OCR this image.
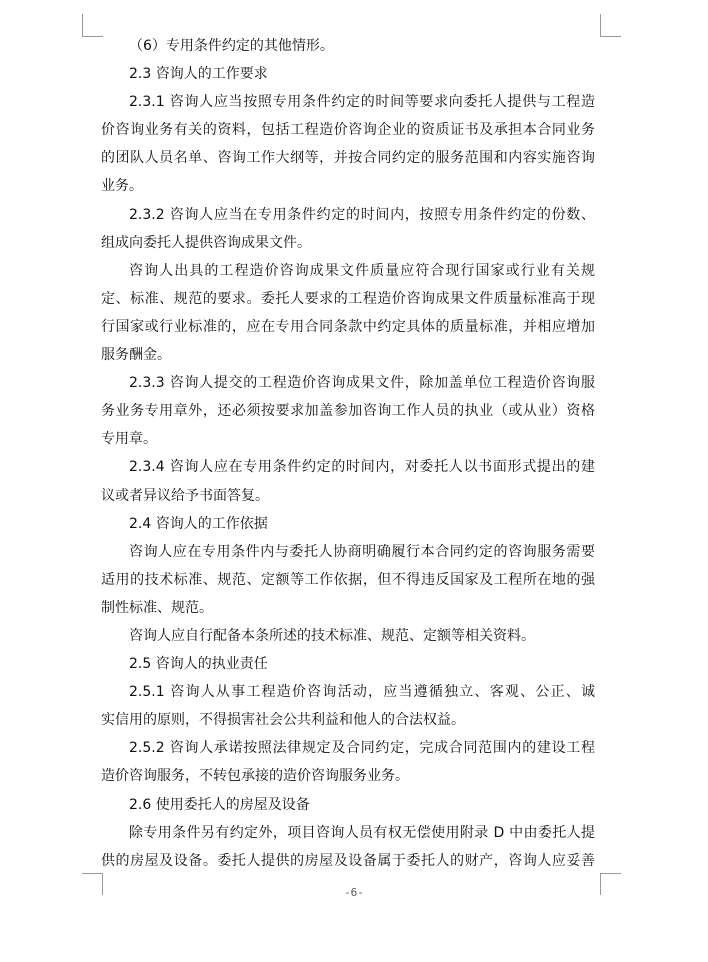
（6）专用条件约定的其他情形。
2.3 咨询人的工作要求
2.3.1 咨询人应当按照专用条件约定的时间等要求向委托人提供与工程造
价咨询业务有关的资料，包括工程造价咨询企业的资质证书及承担本合同业务
的团队人员名单、咨询工作大纲等，并按合同约定的服务范围和内容实施咨询
业务。
2.3.2 咨询人应当在专用条件约定的时间内，按照专用条件约定的份数、
组成向委托人提供咨询成果文件。
咨询人出具的工程造价咨询成果文件质量应符合现行国家或行业有关规
定、标准、规范的要求。委托人要求的工程造价咨询成果文件质量标准高于现
行国家或行业标准的，应在专用合同条款中约定具体的质量标准，并相应增加
服务酬金。
2.3.3 咨询人提交的工程造价咨询成果文件，除加盖单位工程造价咨询服
务业务专用章外，还必须按要求加盖参加咨询工作人员的执业（或从业）资格
专用章。
2.3.4 咨询人应在专用条件约定的时间内，对委托人以书面形式提出的建
议或者异议给予书面答复。
2.4 咨询人的工作依据
咨询人应在专用条件内与委托人协商明确履行本合同约定的咨询服务需要
适用的技术标准、规范、定额等工作依据，但不得违反国家及工程所在地的强
制性标准、规范。
咨询人应自行配备本条所述的技术标准、规范、定额等相关资料。
2.5 咨询人的执业责任
2.5.1 咨询人从事工程造价咨询活动，应当遵循独立、客观、公正、诚
实信用的原则，不得损害社会公共利益和他人的合法权益。
2.5.2 咨询人承诺按照法律规定及合同约定，完成合同范围内的建设工程
造价咨询服务，不转包承接的造价咨询服务业务。
2.6 使用委托人的房屋及设备
除专用条件另有约定外，项目咨询人员有权无偿使用附录 D 中由委托人提
供的房屋及设备。委托人提供的房屋及设备属于委托人的财产，咨询人应妥善
-6-
